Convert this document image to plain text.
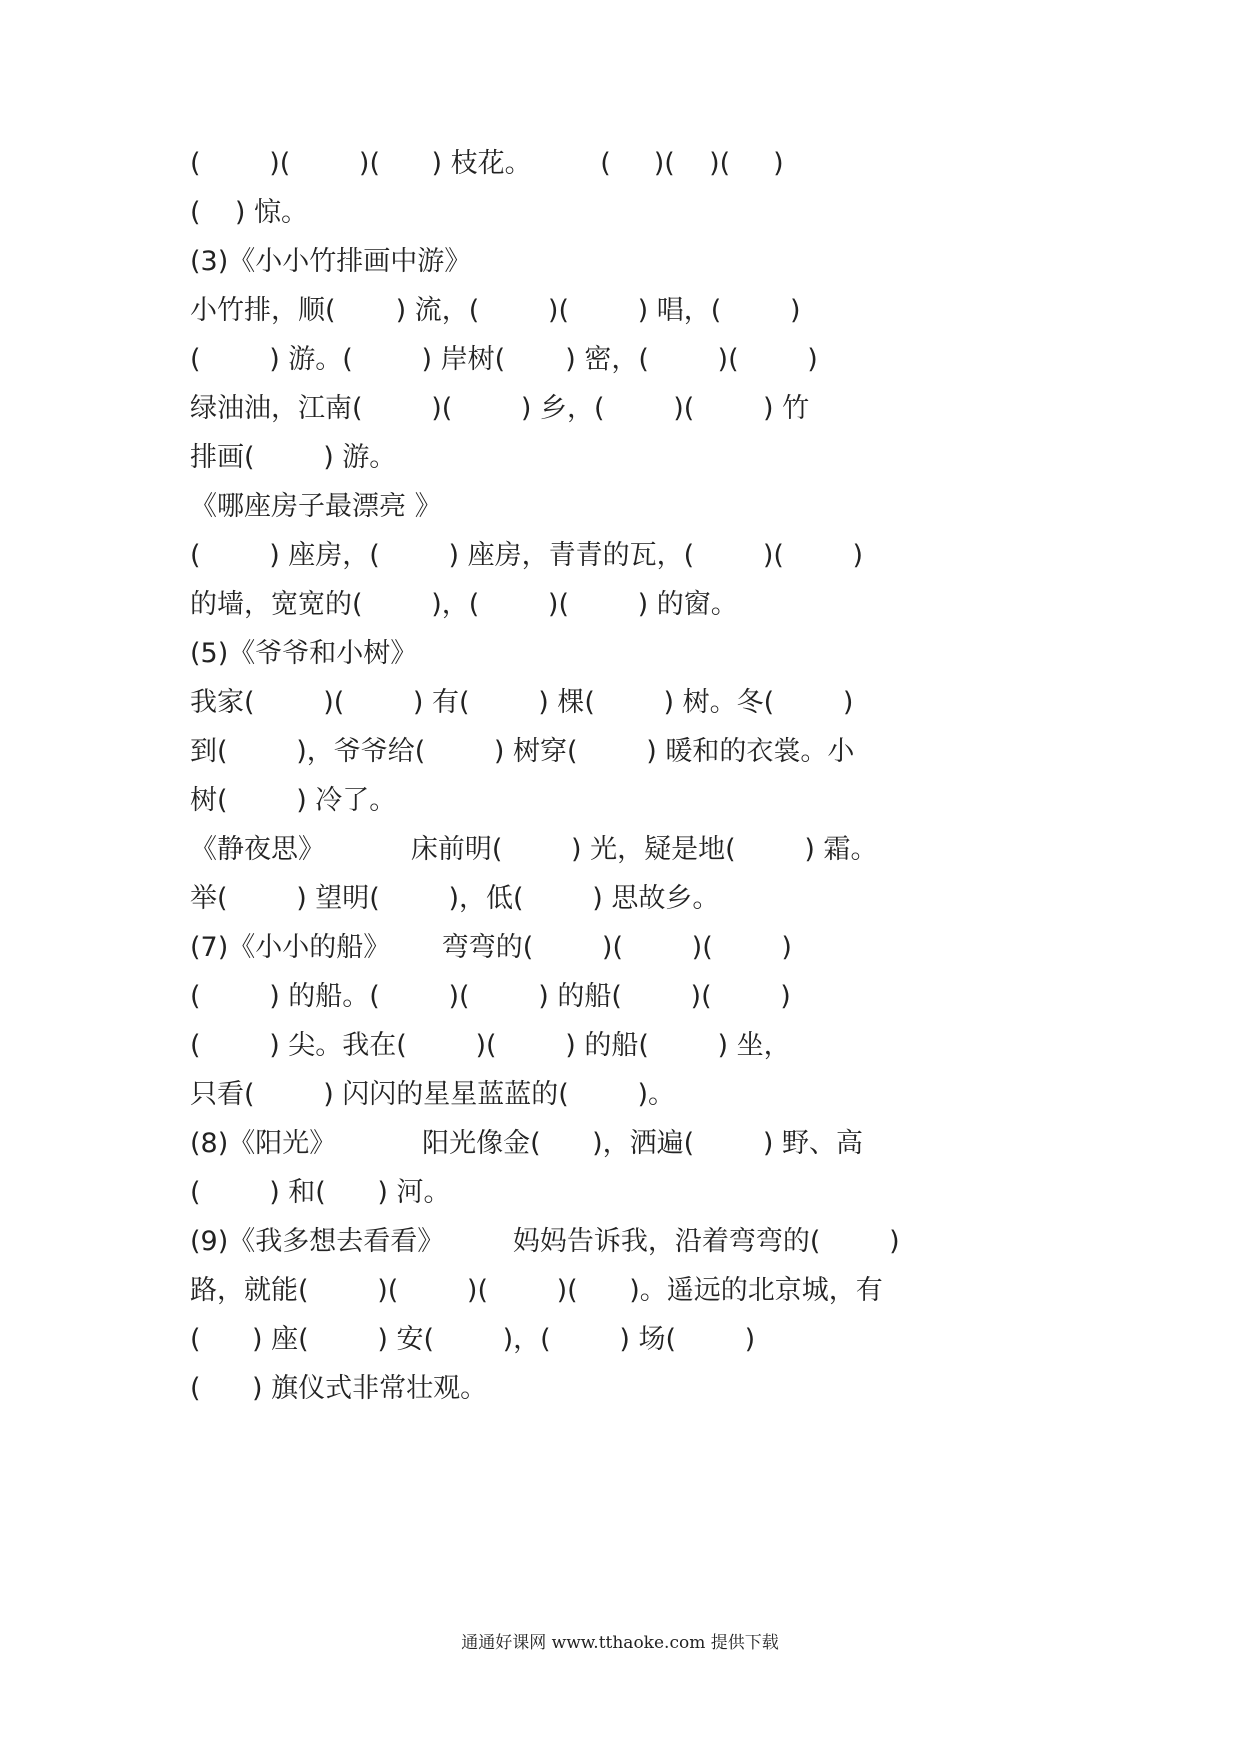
(        )(        )(      ) 枝花。        (     )(    )(     )
(    ) 惊。
(3)《小小竹排画中游》
小竹排，顺(       ) 流，(        )(        ) 唱，(        )
(        ) 游。(        ) 岸树(       ) 密，(        )(        )
绿油油，江南(        )(        ) 乡，(        )(        ) 竹
排画(        ) 游。
《哪座房子最漂亮 》
(        ) 座房，(        ) 座房，青青的瓦，(        )(        )
的墙，宽宽的(        )，(        )(        ) 的窗。
(5)《爷爷和小树》
我家(        )(        ) 有(        ) 棵(        ) 树。冬(        )
到(        )，爷爷给(        ) 树穿(        ) 暖和的衣裳。小
树(        ) 冷了。
《静夜思》          床前明(        ) 光，疑是地(        ) 霜。
举(        ) 望明(        )，低(        ) 思故乡。
(7)《小小的船》      弯弯的(        )(        )(        )
(        ) 的船。(        )(        ) 的船(        )(        )
(        ) 尖。我在(        )(        ) 的船(        ) 坐，
只看(        ) 闪闪的星星蓝蓝的(        )。
(8)《阳光》          阳光像金(      )，洒遍(        ) 野、高
(        ) 和(      ) 河。
(9)《我多想去看看》        妈妈告诉我，沿着弯弯的(        )
路，就能(        )(        )(        )(      )。遥远的北京城，有
(      ) 座(        ) 安(        )，(        ) 场(        )
(      ) 旗仪式非常壮观。
通通好课网 www.tthaoke.com 提供下载
